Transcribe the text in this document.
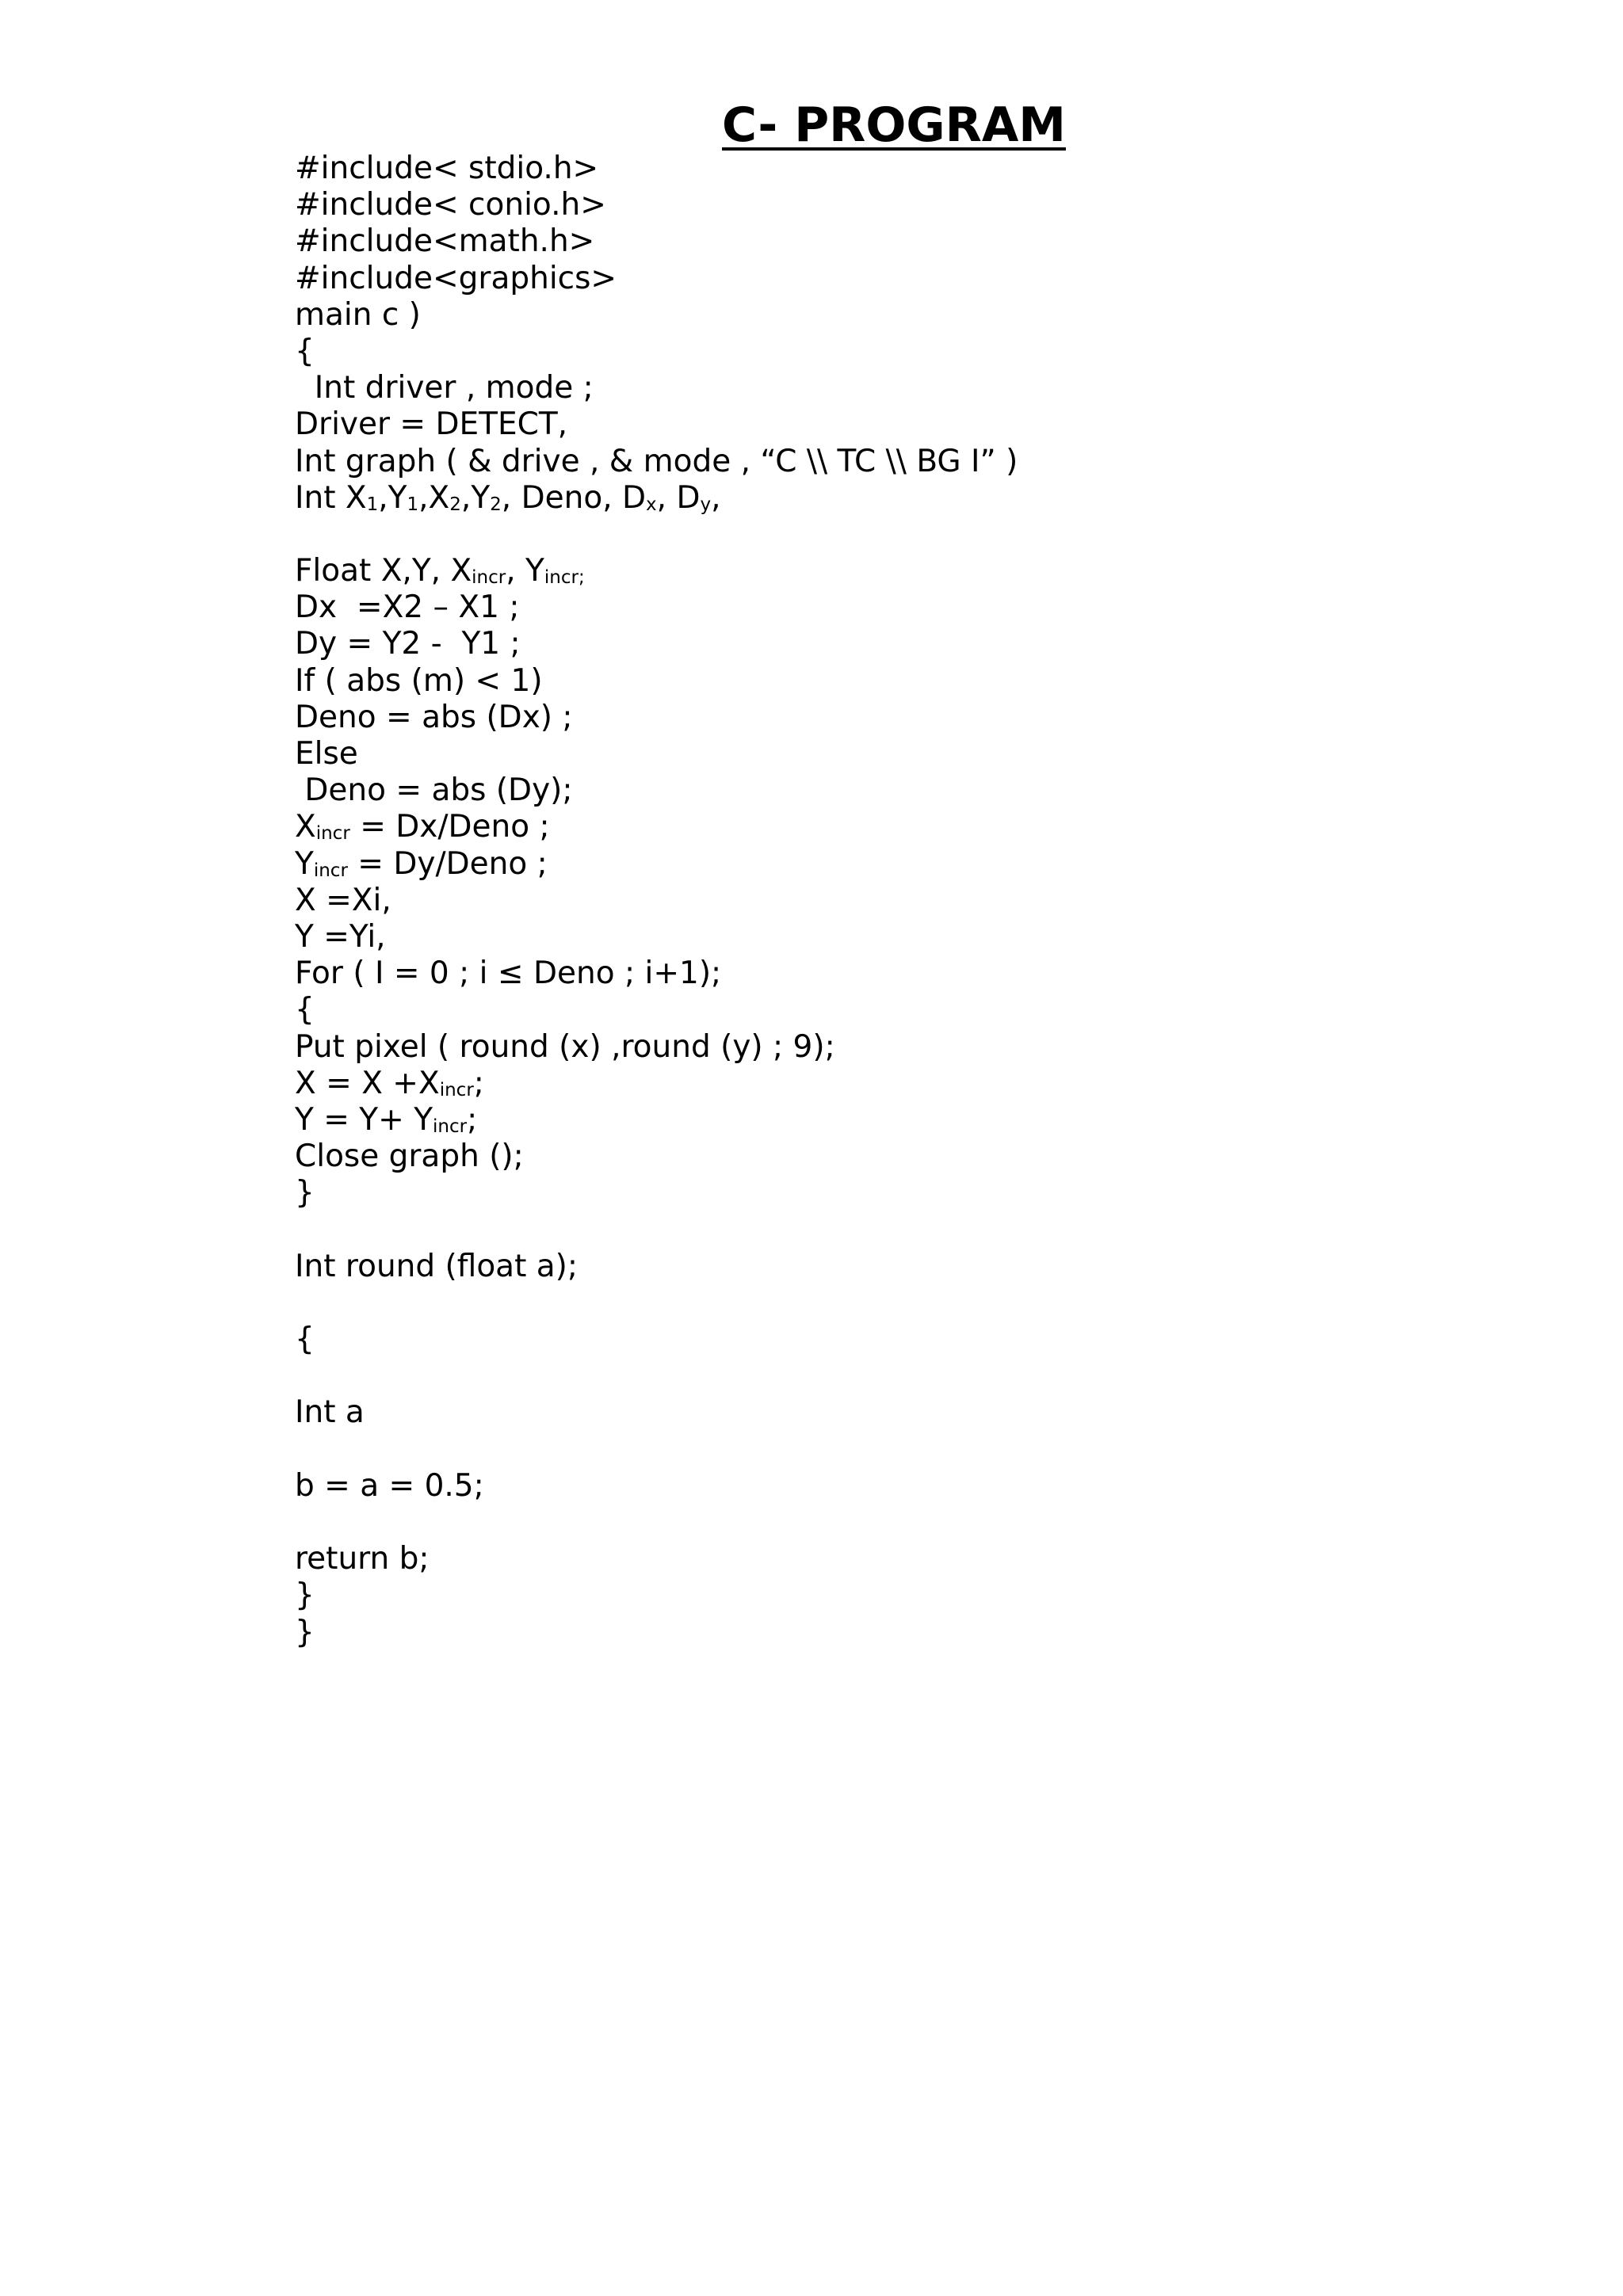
C- PROGRAM
#include< stdio.h>
#include< conio.h>
#include<math.h>
#include<graphics>
main c )
{
Int driver , mode ;
Driver = DETECT,
Int graph ( & drive , & mode , “C \\ TC \\ BG I” )
Int $X_1,Y_1,X_2,Y_2$, Deno, $D_x$, $D_y$,
Float X,Y, $X_{incr}$, $Y_{incr;}$
Dx  =X2 – X1 ;
Dy = Y2 -  Y1 ;
If ( abs (m) < 1)
Deno = abs (Dx) ;
Else
Deno = abs (Dy);
$X_{incr}$ = Dx/Deno ;
$Y_{incr}$ = Dy/Deno ;
X =Xi,
Y =Yi,
For ( I = 0 ; i ≤ Deno ; i+1);
{
Put pixel ( round (x) ,round (y) ; 9);
$X = X +X_{incr}$;
$Y = Y+ Y_{incr}$;
Close graph ();
}
Int round (float a);
{
Int a
b = a = 0.5;
return b;
}
}
